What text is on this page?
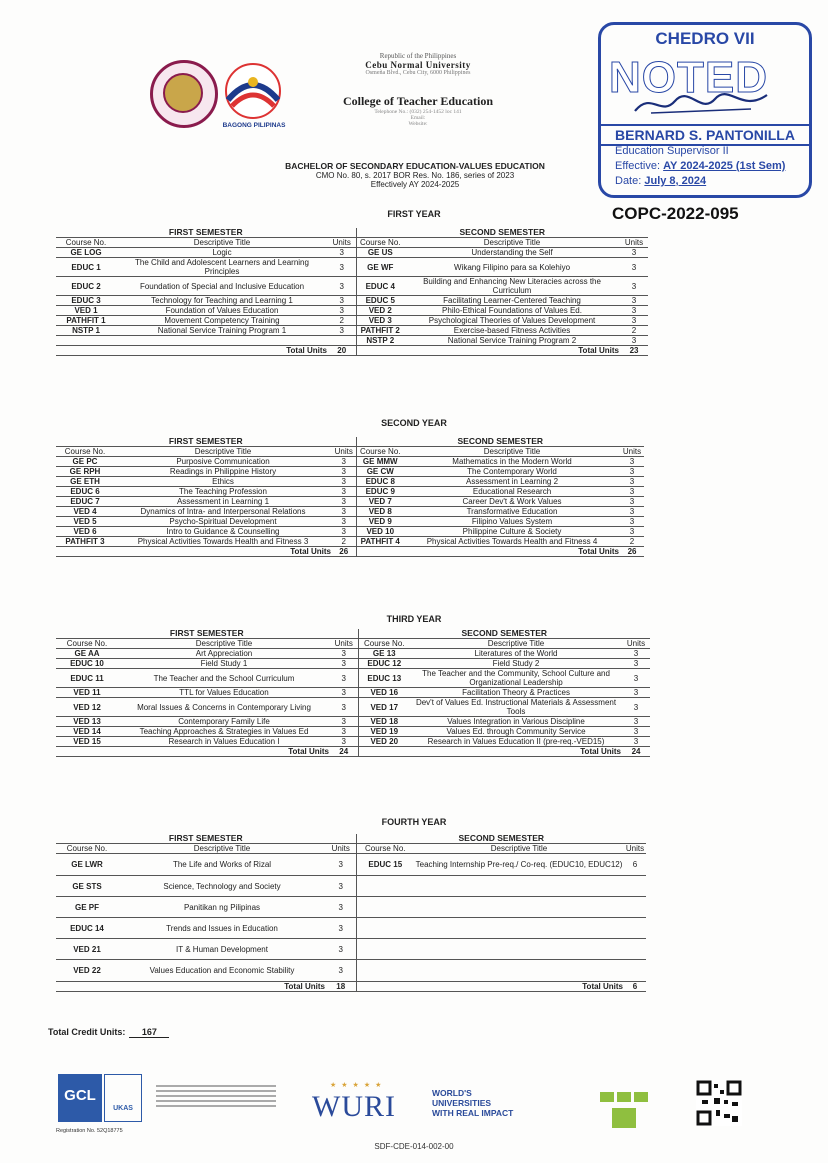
BAGONG PILIPINAS
Republic of the Philippines
Cebu Normal University
Osmeña Blvd., Cebu City, 6000 Philippines
College of Teacher Education
Telephone No.: (032) 254-1452 loc 141
Email:
Website:
CHEDRO VII
NOTED
BERNARD S. PANTONILLA
Education Supervisor II
Effective: AY 2024-2025 (1st Sem)
Date: July 8, 2024
BACHELOR OF SECONDARY EDUCATION-VALUES EDUCATION
CMO No. 80, s. 2017 BOR Res. No. 186, series of 2023
Effectively AY 2024-2025
COPC-2022-095
FIRST YEAR
FIRST SEMESTER			SECOND SEMESTER		
Course No.	Descriptive Title	Units	Course No.	Descriptive Title	Units
GE LOG	Logic	3	GE US	Understanding the Self	3
EDUC 1	The Child and Adolescent Learners and Learning Principles	3	GE WF	Wikang Filipino para sa Kolehiyo	3
EDUC 2	Foundation of Special and Inclusive Education	3	EDUC 4	Building and Enhancing New Literacies across the Curriculum	3
EDUC 3	Technology for Teaching and Learning 1	3	EDUC 5	Facilitating Learner-Centered Teaching	3
VED 1	Foundation of Values Education	3	VED 2	Philo-Ethical Foundations of Values Ed.	3
PATHFIT 1	Movement Competency Training	2	VED 3	Psychological Theories of Values Development	3
NSTP 1	National Service Training Program 1	3	PATHFIT 2	Exercise-based Fitness Activities	2
			NSTP 2	National Service Training Program 2	3
	Total Units	20		Total Units	23
SECOND YEAR
FIRST SEMESTER			SECOND SEMESTER		
Course No.	Descriptive Title	Units	Course No.	Descriptive Title	Units
GE PC	Purposive Communication	3	GE MMW	Mathematics in the Modern World	3
GE RPH	Readings in Philippine History	3	GE CW	The Contemporary World	3
GE ETH	Ethics	3	EDUC 8	Assessment in Learning 2	3
EDUC 6	The Teaching Profession	3	EDUC 9	Educational Research	3
EDUC 7	Assessment in Learning 1	3	VED 7	Career Dev't & Work Values	3
VED 4	Dynamics of Intra- and Interpersonal Relations	3	VED 8	Transformative Education	3
VED 5	Psycho-Spiritual Development	3	VED 9	Filipino Values System	3
VED 6	Intro to Guidance & Counselling	3	VED 10	Philippine Culture & Society	3
PATHFIT 3	Physical Activities Towards Health and Fitness 3	2	PATHFIT 4	Physical Activities Towards Health and Fitness 4	2
	Total Units	26		Total Units	26
THIRD YEAR
FIRST SEMESTER			SECOND SEMESTER		
Course No.	Descriptive Title	Units	Course No.	Descriptive Title	Units
GE AA	Art Appreciation	3	GE 13	Literatures of the World	3
EDUC 10	Field Study 1	3	EDUC 12	Field Study 2	3
EDUC 11	The Teacher and the School Curriculum	3	EDUC 13	The Teacher and the Community, School Culture and Organizational Leadership	3
VED 11	TTL for Values Education	3	VED 16	Facilitation Theory & Practices	3
VED 12	Moral Issues & Concerns in Contemporary Living	3	VED 17	Dev't of Values Ed. Instructional Materials & Assessment Tools	3
VED 13	Contemporary Family Life	3	VED 18	Values Integration in Various Discipline	3
VED 14	Teaching Approaches & Strategies in Values Ed	3	VED 19	Values Ed. through Community Service	3
VED 15	Research in Values Education I	3	VED 20	Research in Values Education II (pre-req.-VED15)	3
	Total Units	24		Total Units	24
FOURTH YEAR
FIRST SEMESTER			SECOND SEMESTER		
Course No.	Descriptive Title	Units	Course No.	Descriptive Title	Units
GE LWR	The Life and Works of Rizal	3	EDUC 15	Teaching Internship Pre-req./ Co-req. (EDUC10, EDUC12)	6
GE STS	Science, Technology and Society	3			
GE PF	Panitikan ng Pilipinas	3			
EDUC 14	Trends and Issues in Education	3			
VED 21	IT & Human Development	3			
VED 22	Values Education and Economic Stability	3			
	Total Units	18		Total Units	6
Total Credit Units: 167
GCL
UKAS
Registration No. 52Q18775
★★★★★
WURI	WORLD'S
UNIVERSITIES
WITH REAL IMPACT
SDF-CDE-014-002-00
